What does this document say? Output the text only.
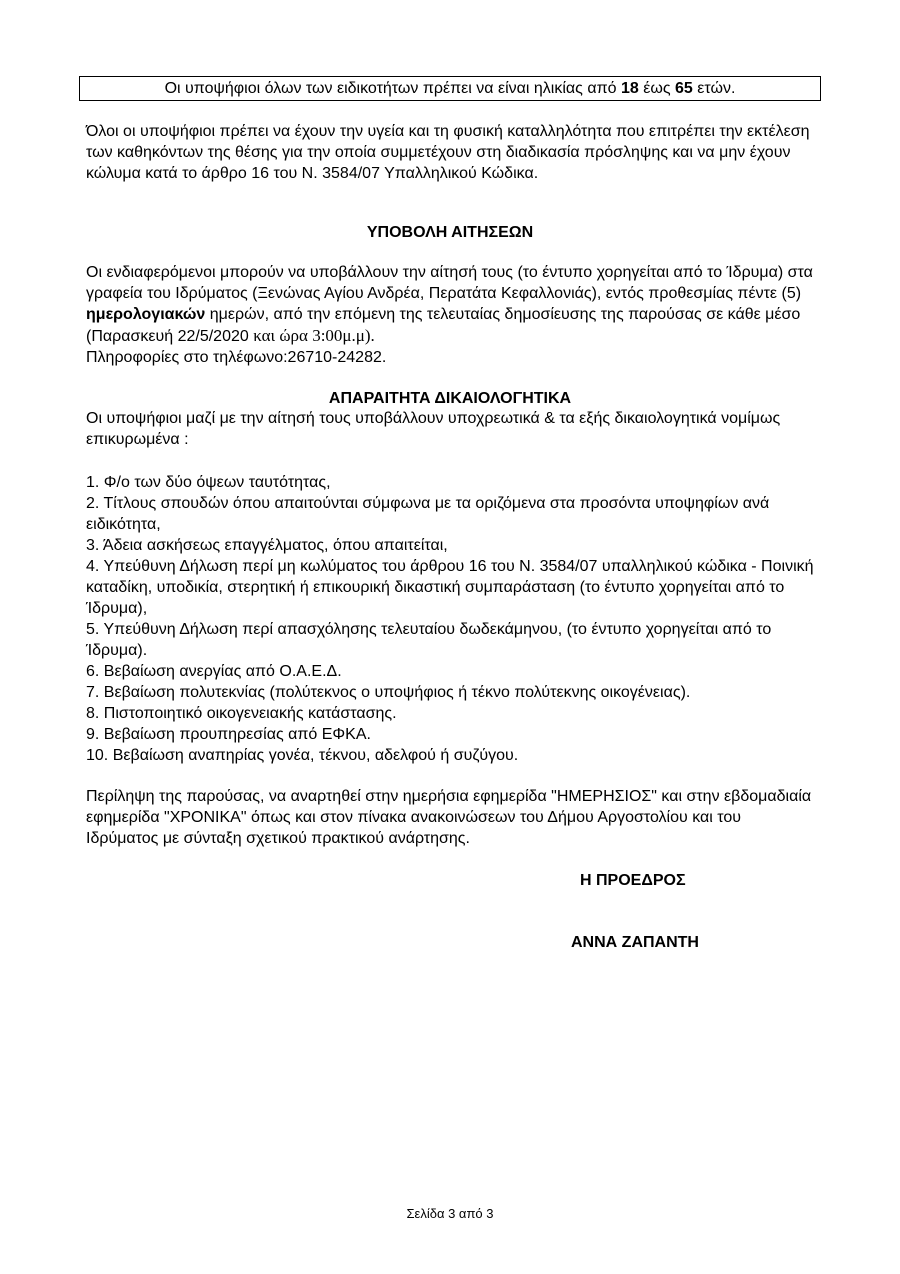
Οι υποψήφιοι όλων των ειδικοτήτων πρέπει να είναι ηλικίας από 18 έως 65 ετών.

Όλοι οι υποψήφιοι πρέπει να έχουν την υγεία και τη φυσική καταλληλότητα που επιτρέπει την εκτέλεση των καθηκόντων της θέσης για την οποία συμμετέχουν στη διαδικασία πρόσληψης και να μην έχουν κώλυμα κατά το άρθρο 16 του Ν. 3584/07 Υπαλληλικού Κώδικα.

ΥΠΟΒΟΛΗ ΑΙΤΗΣΕΩΝ

Οι ενδιαφερόμενοι μπορούν να υποβάλλουν την αίτησή τους (το έντυπο χορηγείται από το Ίδρυμα) στα γραφεία του Ιδρύματος (Ξενώνας Αγίου Ανδρέα, Περατάτα Κεφαλλονιάς), εντός προθεσμίας πέντε (5) ημερολογιακών ημερών, από την επόμενη της τελευταίας δημοσίευσης της παρούσας σε κάθε μέσο (Παρασκευή 22/5/2020 και ώρα 3:00μ.μ).
Πληροφορίες στο τηλέφωνο:26710-24282.

ΑΠΑΡΑΙΤΗΤΑ ΔΙΚΑΙΟΛΟΓΗΤΙΚΑ

Οι υποψήφιοι μαζί με την αίτησή τους υποβάλλουν υποχρεωτικά & τα εξής δικαιολογητικά νομίμως επικυρωμένα :

1. Φ/ο των δύο όψεων ταυτότητας,
2. Τίτλους σπουδών όπου απαιτούνται σύμφωνα με τα οριζόμενα στα προσόντα υποψηφίων ανά ειδικότητα,
3. Άδεια ασκήσεως επαγγέλματος, όπου απαιτείται,
4. Υπεύθυνη Δήλωση περί μη κωλύματος του άρθρου 16 του Ν. 3584/07 υπαλληλικού κώδικα - Ποινική καταδίκη, υποδικία, στερητική ή επικουρική δικαστική συμπαράσταση (το έντυπο χορηγείται από το Ίδρυμα),
5. Υπεύθυνη Δήλωση περί απασχόλησης τελευταίου δωδεκάμηνου, (το έντυπο χορηγείται από το Ίδρυμα).
6. Βεβαίωση ανεργίας από Ο.Α.Ε.Δ.
7. Βεβαίωση πολυτεκνίας (πολύτεκνος ο υποψήφιος ή τέκνο πολύτεκνης οικογένειας).
8. Πιστοποιητικό οικογενειακής κατάστασης.
9. Βεβαίωση προυπηρεσίας από ΕΦΚΑ.
10. Βεβαίωση αναπηρίας γονέα, τέκνου, αδελφού ή συζύγου.

Περίληψη της παρούσας, να αναρτηθεί στην ημερήσια εφημερίδα "ΗΜΕΡΗΣΙΟΣ" και στην εβδομαδιαία εφημερίδα "ΧΡΟΝΙΚΑ" όπως και στον πίνακα ανακοινώσεων του Δήμου Αργοστολίου και του Ιδρύματος με σύνταξη σχετικού πρακτικού ανάρτησης.

Η ΠΡΟΕΔΡΟΣ
ΑΝΝΑ ΖΑΠΑΝΤΗ
Σελίδα 3 από 3
